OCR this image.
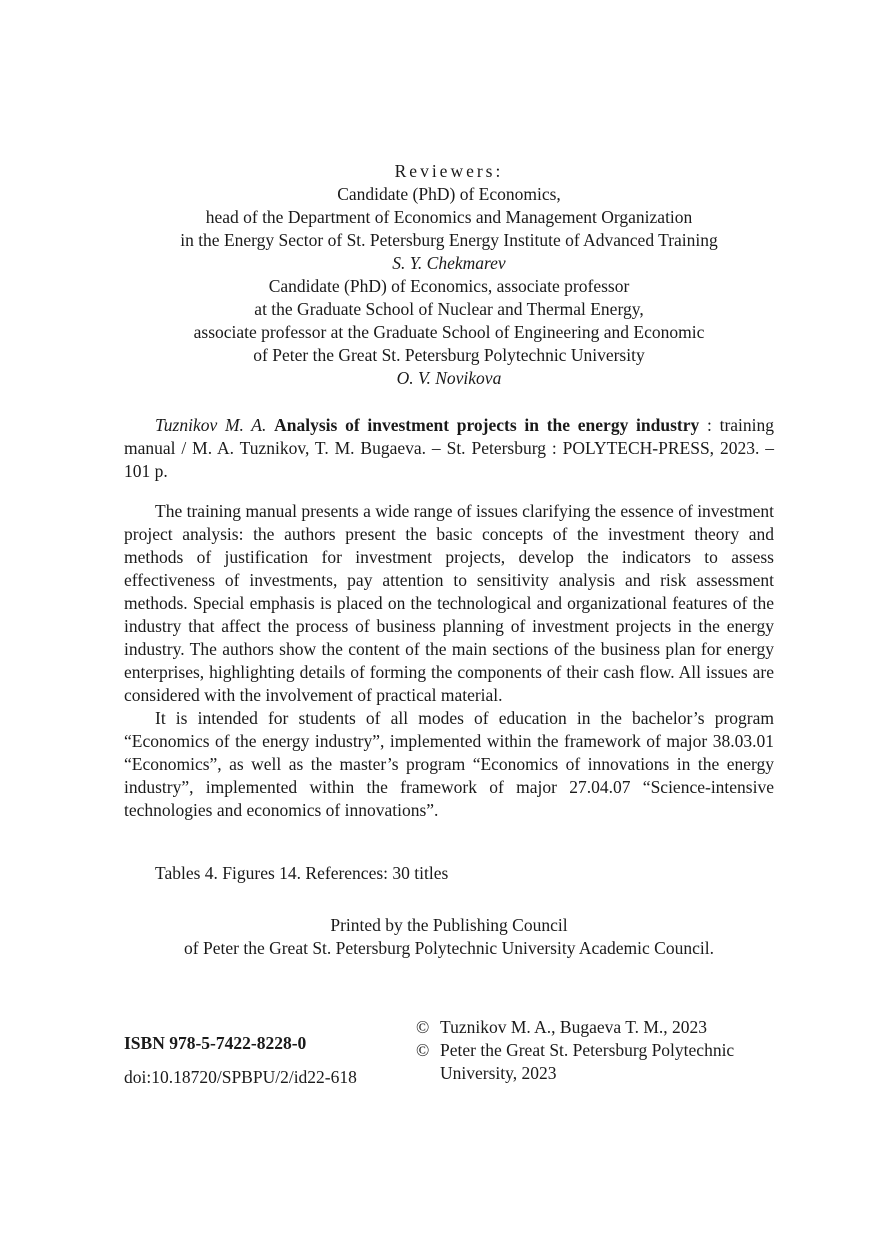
Reviewers:
Candidate (PhD) of Economics,
head of the Department of Economics and Management Organization
in the Energy Sector of St. Petersburg Energy Institute of Advanced Training
S. Y. Chekmarev
Candidate (PhD) of Economics, associate professor
at the Graduate School of Nuclear and Thermal Energy,
associate professor at the Graduate School of Engineering and Economic
of Peter the Great St. Petersburg Polytechnic University
O. V. Novikova
Tuznikov M. A. Analysis of investment projects in the energy industry : training manual / M. A. Tuznikov, T. M. Bugaeva. – St. Petersburg : POLYTECH-PRESS, 2023. – 101 p.

The training manual presents a wide range of issues clarifying the essence of investment project analysis: the authors present the basic concepts of the investment theory and methods of justification for investment projects, develop the indicators to assess effectiveness of investments, pay attention to sensitivity analysis and risk assessment methods. Special emphasis is placed on the technological and organizational features of the industry that affect the process of business planning of investment projects in the energy industry. The authors show the content of the main sections of the business plan for energy enterprises, highlighting details of forming the components of their cash flow. All issues are considered with the involvement of practical material.

It is intended for students of all modes of education in the bachelor’s program “Economics of the energy industry”, implemented within the framework of major 38.03.01 “Economics”, as well as the master’s program “Economics of innovations in the energy industry”, implemented within the framework of major 27.04.07 “Science-intensive technologies and economics of innovations”.

Tables 4. Figures 14. References: 30 titles
Printed by the Publishing Council
of Peter the Great St. Petersburg Polytechnic University Academic Council.
ISBN 978-5-7422-8228-0
doi:10.18720/SPBPU/2/id22-618
© Tuznikov M. A., Bugaeva T. M., 2023
© Peter the Great St. Petersburg Polytechnic
University, 2023
